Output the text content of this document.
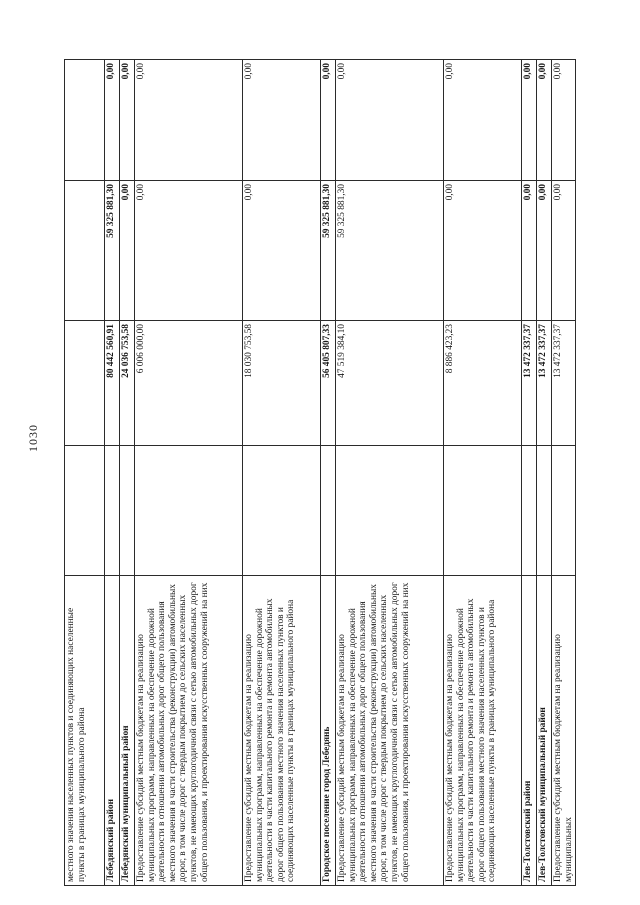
1030
местного значения населенных пунктов и соединяющих населенные пункты в границах муниципального района				
Лебедянский район		80 442 560,91	59 325 881,30	0,00
Лебедянский муниципальный район		24 036 753,58	0,00	0,00
Предоставление субсидий местным бюджетам на реализацию муниципальных программ, направленных на обеспечение дорожной деятельности в отношении автомобильных дорог общего пользования местного значения в части строительства (реконструкции) автомобильных дорог, в том числе дорог с твердым покрытием до сельских населенных пунктов, не имеющих круглогодичной связи с сетью автомобильных дорог общего пользования, и проектирования искусственных сооружений на них		6 006 000,00	0,00	0,00
Предоставление субсидий местным бюджетам на реализацию муниципальных программ, направленных на обеспечение дорожной деятельности в части капитального ремонта и ремонта автомобильных дорог общего пользования местного значения населенных пунктов и соединяющих населенные пункты в границах муниципального района		18 030 753,58	0,00	0,00
Городское поселение город Лебедянь		56 405 807,33	59 325 881,30	0,00
Предоставление субсидий местным бюджетам на реализацию муниципальных программ, направленных на обеспечение дорожной деятельности в отношении автомобильных дорог общего пользования местного значения в части строительства (реконструкции) автомобильных дорог, в том числе дорог с твердым покрытием до сельских населенных пунктов, не имеющих круглогодичной связи с сетью автомобильных дорог общего пользования, и проектирования искусственных сооружений на них		47 519 384,10	59 325 881,30	0,00
Предоставление субсидий местным бюджетам на реализацию муниципальных программ, направленных на обеспечение дорожной деятельности в части капитального ремонта и ремонта автомобильных дорог общего пользования местного значения населенных пунктов и соединяющих населенные пункты в границах муниципального района		8 886 423,23	0,00	0,00
Лев-Толстовский район		13 472 337,37	0,00	0,00
Лев-Толстовский муниципальный район		13 472 337,37	0,00	0,00
Предоставление субсидий местным бюджетам на реализацию муниципальных		13 472 337,37	0,00	0,00
